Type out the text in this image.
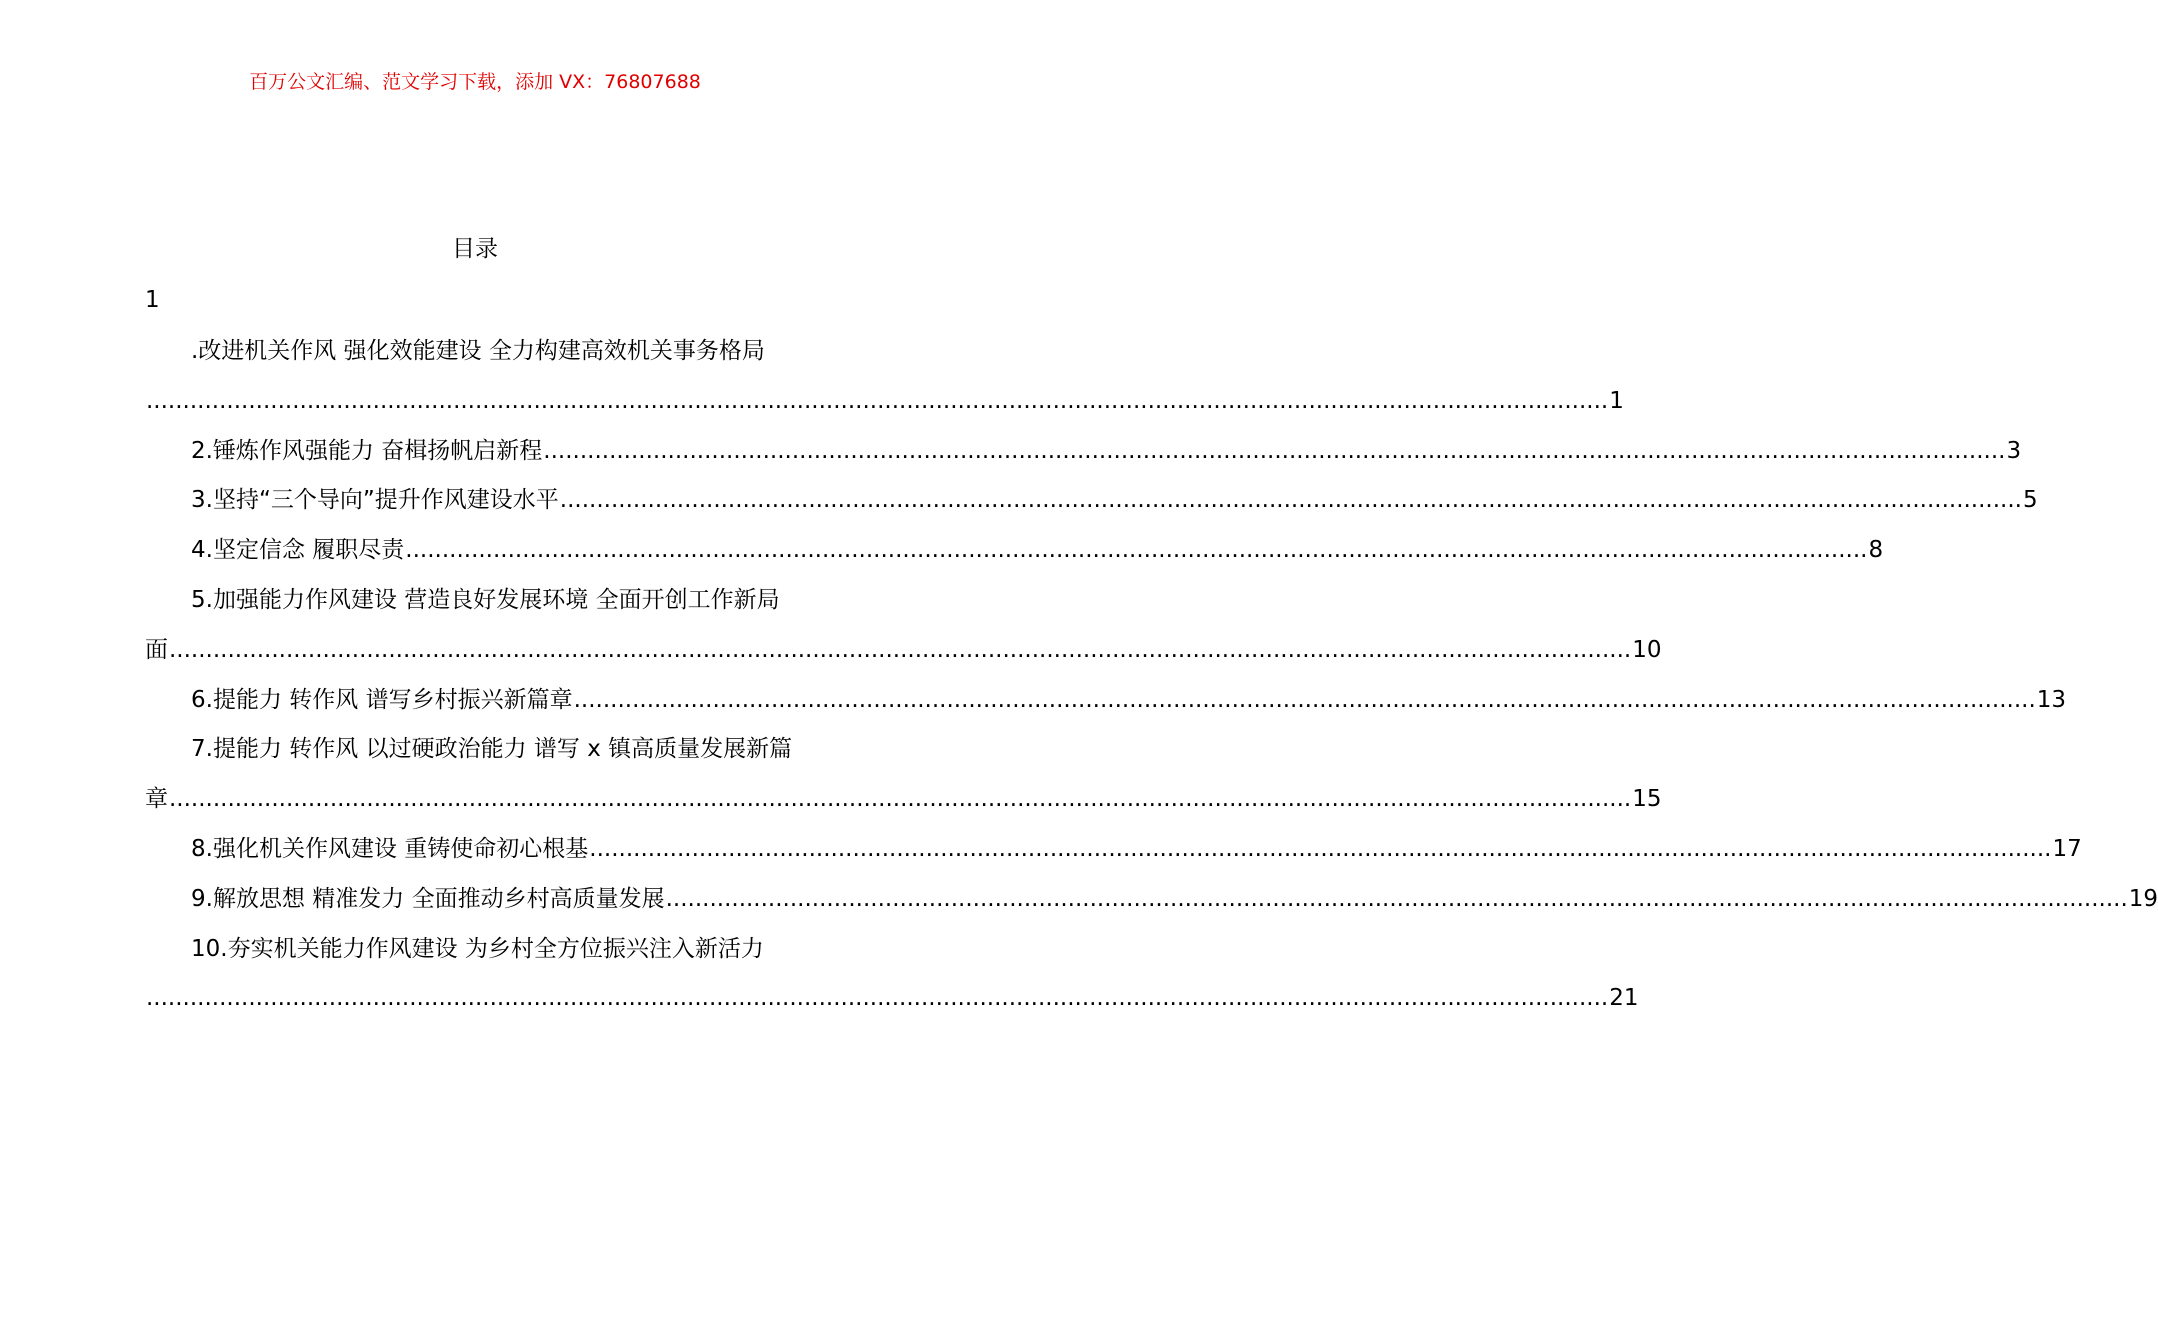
百万公文汇编、范文学习下载，添加 VX：76807688
目录
1
.改进机关作风 强化效能建设 全力构建高效机关事务格局
........................................................................................................................................................................................................ 1
2.锤炼作风强能力 奋楫扬帆启新程 ........................................................................................................................................................................................................ 3
3.坚持“三个导向”提升作风建设水平 ........................................................................................................................................................................................................ 5
4.坚定信念 履职尽责 ........................................................................................................................................................................................................ 8
5.加强能力作风建设 营造良好发展环境 全面开创工作新局
面 ........................................................................................................................................................................................................ 10
6.提能力 转作风 谱写乡村振兴新篇章 ........................................................................................................................................................................................................ 13
7.提能力 转作风 以过硬政治能力 谱写 x 镇高质量发展新篇
章 ........................................................................................................................................................................................................ 15
8.强化机关作风建设 重铸使命初心根基 ........................................................................................................................................................................................................ 17
9.解放思想 精准发力 全面推动乡村高质量发展 ........................................................................................................................................................................................................ 19
10.夯实机关能力作风建设 为乡村全方位振兴注入新活力
........................................................................................................................................................................................................ 21
